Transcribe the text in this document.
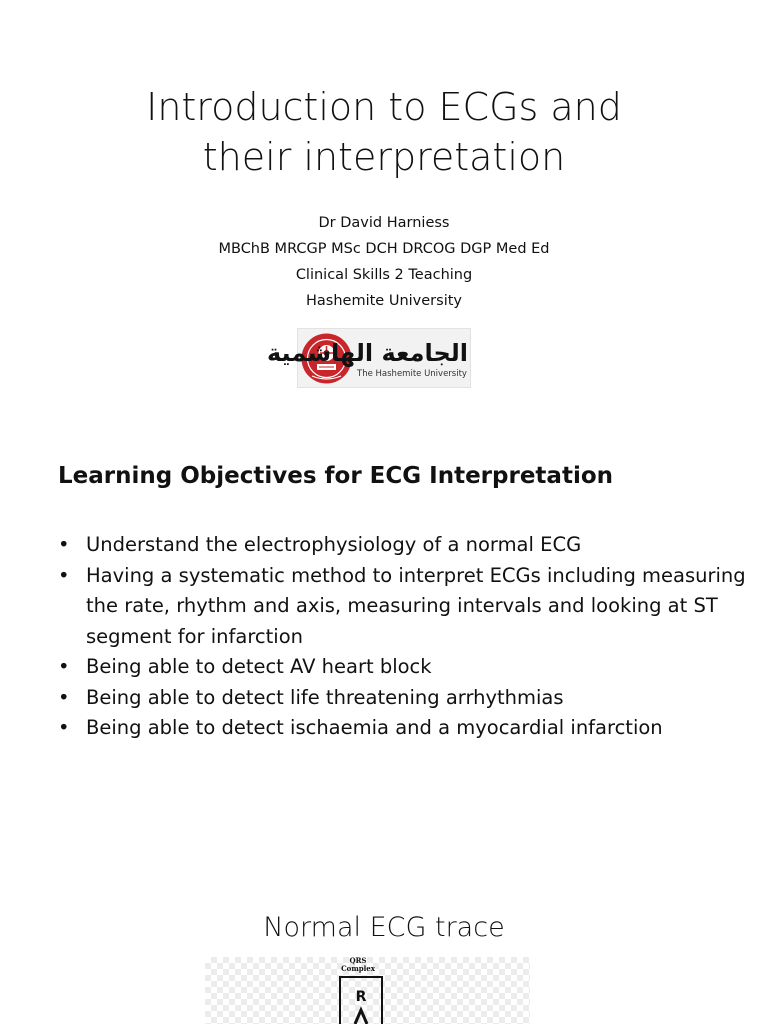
Introduction to ECGs and
their interpretation
Dr David Harniess
MBChB MRCGP MSc DCH DRCOG DGP Med Ed
Clinical Skills 2 Teaching
Hashemite University
الجامعة الهاشمية
The Hashemite University
Learning Objectives for ECG Interpretation
• Understand the electrophysiology of a normal ECG
• Having a systematic method to interpret ECGs including measuring the rate, rhythm and axis, measuring intervals and looking at ST segment for infarction
• Being able to detect AV heart block
• Being able to detect life threatening arrhythmias
• Being able to detect ischaemia and a myocardial infarction
Normal ECG trace
QRS
Complex
R
